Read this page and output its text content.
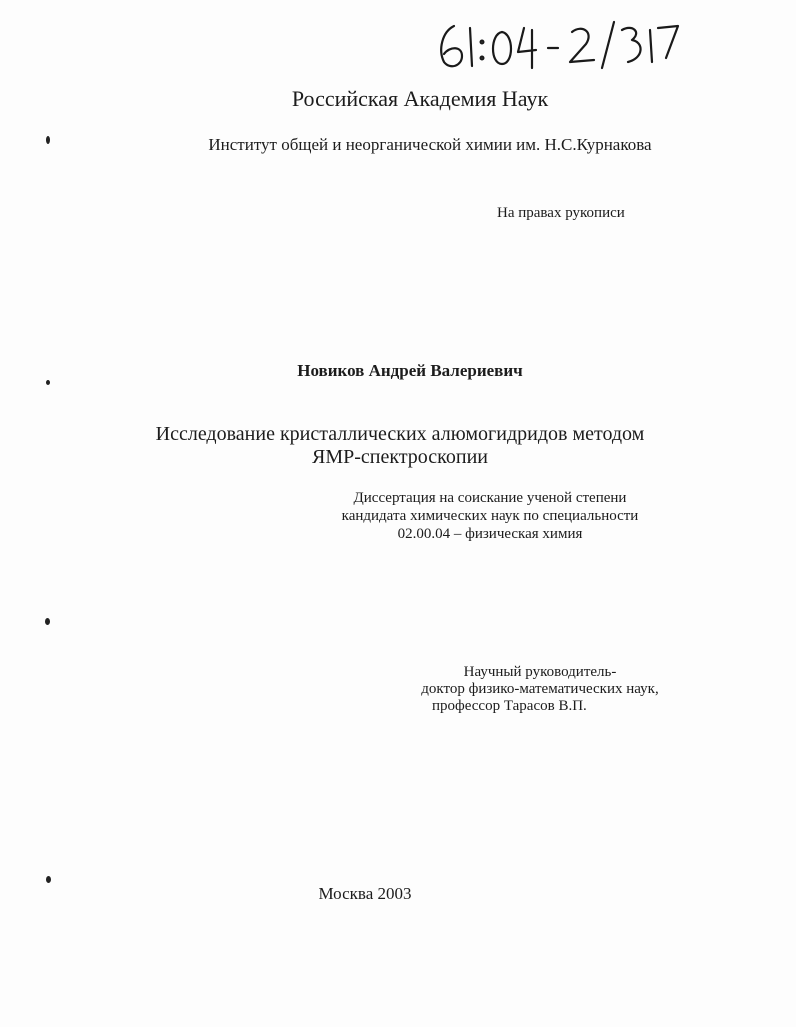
Российская Академия Наук
Институт общей и неорганической химии им. Н.С.Курнакова
На правах рукописи
Новиков Андрей Валериевич
Исследование кристаллических алюмогидридов методом
ЯМР-спектроскопии
Диссертация на соискание ученой степени
кандидата химических наук по специальности
02.00.04 – физическая химия
Научный руководитель-
доктор физико-математических наук,
профессор Тарасов В.П.
Москва 2003
